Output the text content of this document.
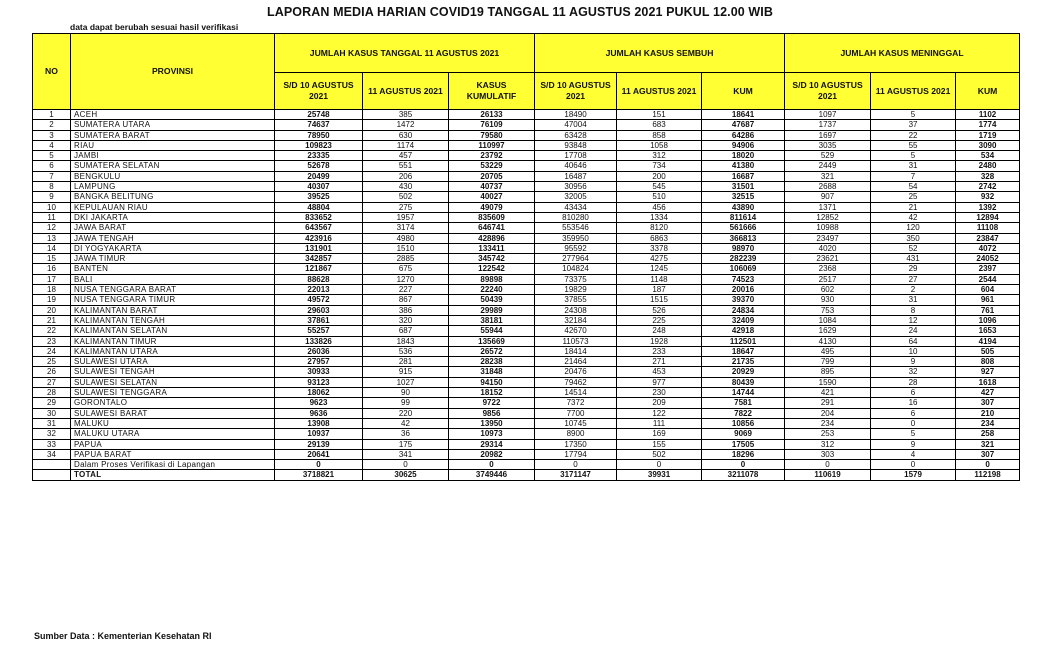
LAPORAN MEDIA HARIAN COVID19 TANGGAL 11 AGUSTUS 2021 PUKUL 12.00 WIB
data dapat berubah sesuai hasil verifikasi
NO	PROVINSI	JUMLAH KASUS TANGGAL 11 AGUSTUS 2021			JUMLAH KASUS SEMBUH			JUMLAH KASUS MENINGGAL		
		S/D 10 AGUSTUS 2021	11 AGUSTUS 2021	KASUS KUMULATIF	S/D 10 AGUSTUS 2021	11 AGUSTUS 2021	KUM	S/D 10 AGUSTUS 2021	11 AGUSTUS 2021	KUM
1	ACEH	25748	385	26133	18490	151	18641	1097	5	1102
2	SUMATERA UTARA	74637	1472	76109	47004	683	47687	1737	37	1774
3	SUMATERA BARAT	78950	630	79580	63428	858	64286	1697	22	1719
4	RIAU	109823	1174	110997	93848	1058	94906	3035	55	3090
5	JAMBI	23335	457	23792	17708	312	18020	529	5	534
6	SUMATERA SELATAN	52678	551	53229	40646	734	41380	2449	31	2480
7	BENGKULU	20499	206	20705	16487	200	16687	321	7	328
8	LAMPUNG	40307	430	40737	30956	545	31501	2688	54	2742
9	BANGKA BELITUNG	39525	502	40027	32005	510	32515	907	25	932
10	KEPULAUAN RIAU	48804	275	49079	43434	456	43890	1371	21	1392
11	DKI JAKARTA	833652	1957	835609	810280	1334	811614	12852	42	12894
12	JAWA BARAT	643567	3174	646741	553546	8120	561666	10988	120	11108
13	JAWA TENGAH	423916	4980	428896	359950	6863	366813	23497	350	23847
14	DI YOGYAKARTA	131901	1510	133411	95592	3378	98970	4020	52	4072
15	JAWA TIMUR	342857	2885	345742	277964	4275	282239	23621	431	24052
16	BANTEN	121867	675	122542	104824	1245	106069	2368	29	2397
17	BALI	88628	1270	89898	73375	1148	74523	2517	27	2544
18	NUSA TENGGARA BARAT	22013	227	22240	19829	187	20016	602	2	604
19	NUSA TENGGARA TIMUR	49572	867	50439	37855	1515	39370	930	31	961
20	KALIMANTAN BARAT	29603	386	29989	24308	526	24834	753	8	761
21	KALIMANTAN TENGAH	37861	320	38181	32184	225	32409	1084	12	1096
22	KALIMANTAN SELATAN	55257	687	55944	42670	248	42918	1629	24	1653
23	KALIMANTAN TIMUR	133826	1843	135669	110573	1928	112501	4130	64	4194
24	KALIMANTAN UTARA	26036	536	26572	18414	233	18647	495	10	505
25	SULAWESI UTARA	27957	281	28238	21464	271	21735	799	9	808
26	SULAWESI TENGAH	30933	915	31848	20476	453	20929	895	32	927
27	SULAWESI SELATAN	93123	1027	94150	79462	977	80439	1590	28	1618
28	SULAWESI TENGGARA	18062	90	18152	14514	230	14744	421	6	427
29	GORONTALO	9623	99	9722	7372	209	7581	291	16	307
30	SULAWESI BARAT	9636	220	9856	7700	122	7822	204	6	210
31	MALUKU	13908	42	13950	10745	111	10856	234	0	234
32	MALUKU UTARA	10937	36	10973	8900	169	9069	253	5	258
33	PAPUA	29139	175	29314	17350	155	17505	312	9	321
34	PAPUA BARAT	20641	341	20982	17794	502	18296	303	4	307
	Dalam Proses Verifikasi di Lapangan	0	0	0	0	0	0	0	0	0
	TOTAL	3718821	30625	3749446	3171147	39931	3211078	110619	1579	112198
Sumber Data : Kementerian Kesehatan RI
